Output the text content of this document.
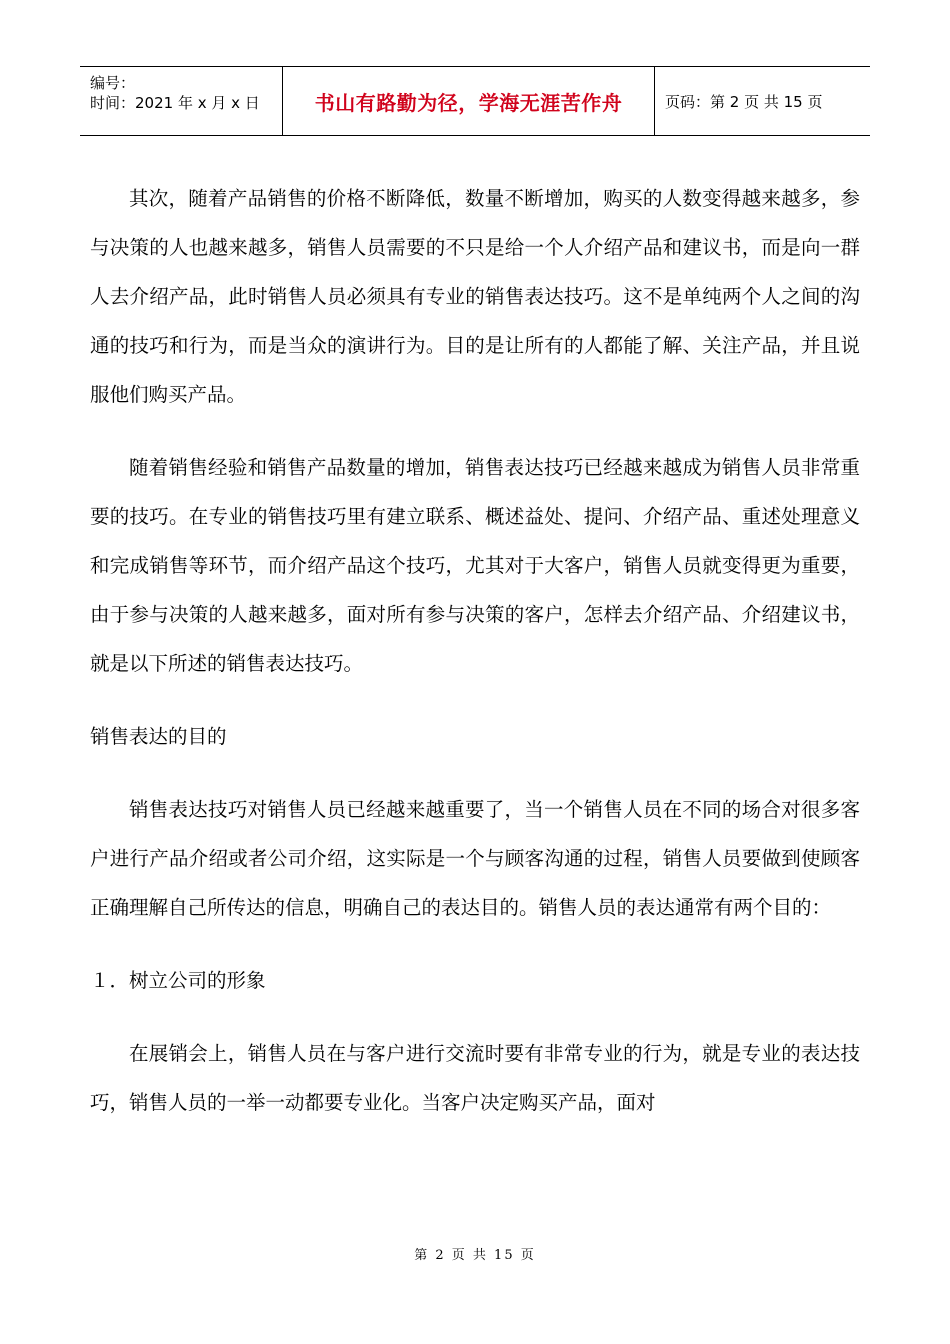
编号：
时间：2021 年 x 月 x 日	书山有路勤为径，学海无涯苦作舟	页码：第 2 页 共 15 页

其次，随着产品销售的价格不断降低，数量不断增加，购买的人数变得越来越多，参与决策的人也越来越多，销售人员需要的不只是给一个人介绍产品和建议书，而是向一群人去介绍产品，此时销售人员必须具有专业的销售表达技巧。这不是单纯两个人之间的沟通的技巧和行为，而是当众的演讲行为。目的是让所有的人都能了解、关注产品，并且说服他们购买产品。

随着销售经验和销售产品数量的增加，销售表达技巧已经越来越成为销售人员非常重要的技巧。在专业的销售技巧里有建立联系、概述益处、提问、介绍产品、重述处理意义和完成销售等环节，而介绍产品这个技巧，尤其对于大客户，销售人员就变得更为重要，由于参与决策的人越来越多，面对所有参与决策的客户，怎样去介绍产品、介绍建议书，就是以下所述的销售表达技巧。

销售表达的目的

销售表达技巧对销售人员已经越来越重要了，当一个销售人员在不同的场合对很多客户进行产品介绍或者公司介绍，这实际是一个与顾客沟通的过程，销售人员要做到使顾客正确理解自己所传达的信息，明确自己的表达目的。销售人员的表达通常有两个目的：

１．树立公司的形象

在展销会上，销售人员在与客户进行交流时要有非常专业的行为，就是专业的表达技巧，销售人员的一举一动都要专业化。当客户决定购买产品，面对

第 2 页 共 15 页
